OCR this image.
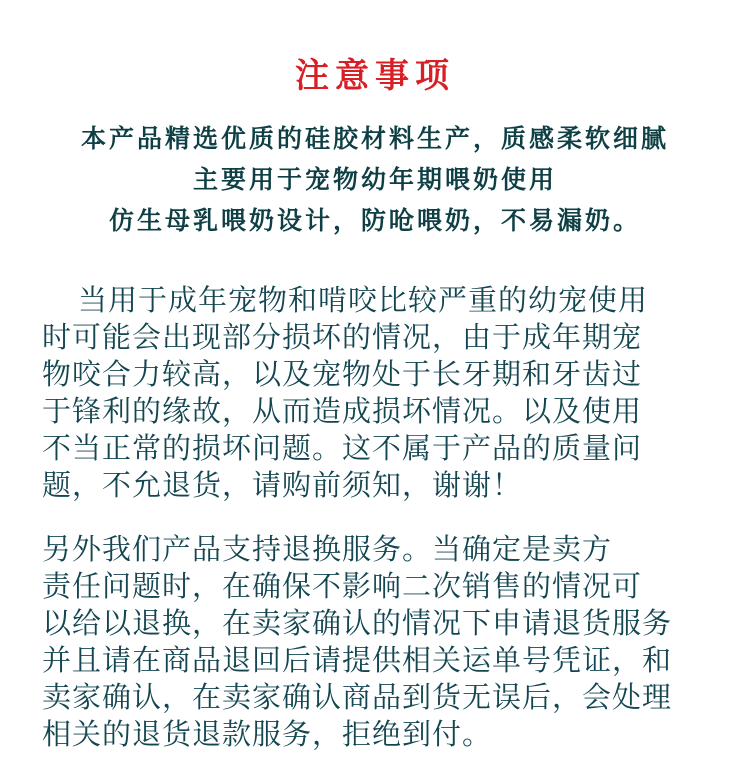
注意事项
本产品精选优质的硅胶材料生产，质感柔软细腻
主要用于宠物幼年期喂奶使用
仿生母乳喂奶设计，防呛喂奶，不易漏奶。
当用于成年宠物和啃咬比较严重的幼宠使用
时可能会出现部分损坏的情况，由于成年期宠
物咬合力较高，以及宠物处于长牙期和牙齿过
于锋利的缘故，从而造成损坏情况。以及使用
不当正常的损坏问题。这不属于产品的质量问
题，不允退货，请购前须知，谢谢！
另外我们产品支持退换服务。当确定是卖方
责任问题时，在确保不影响二次销售的情况可
以给以退换，在卖家确认的情况下申请退货服务
并且请在商品退回后请提供相关运单号凭证，和
卖家确认，在卖家确认商品到货无误后，会处理
相关的退货退款服务，拒绝到付。
